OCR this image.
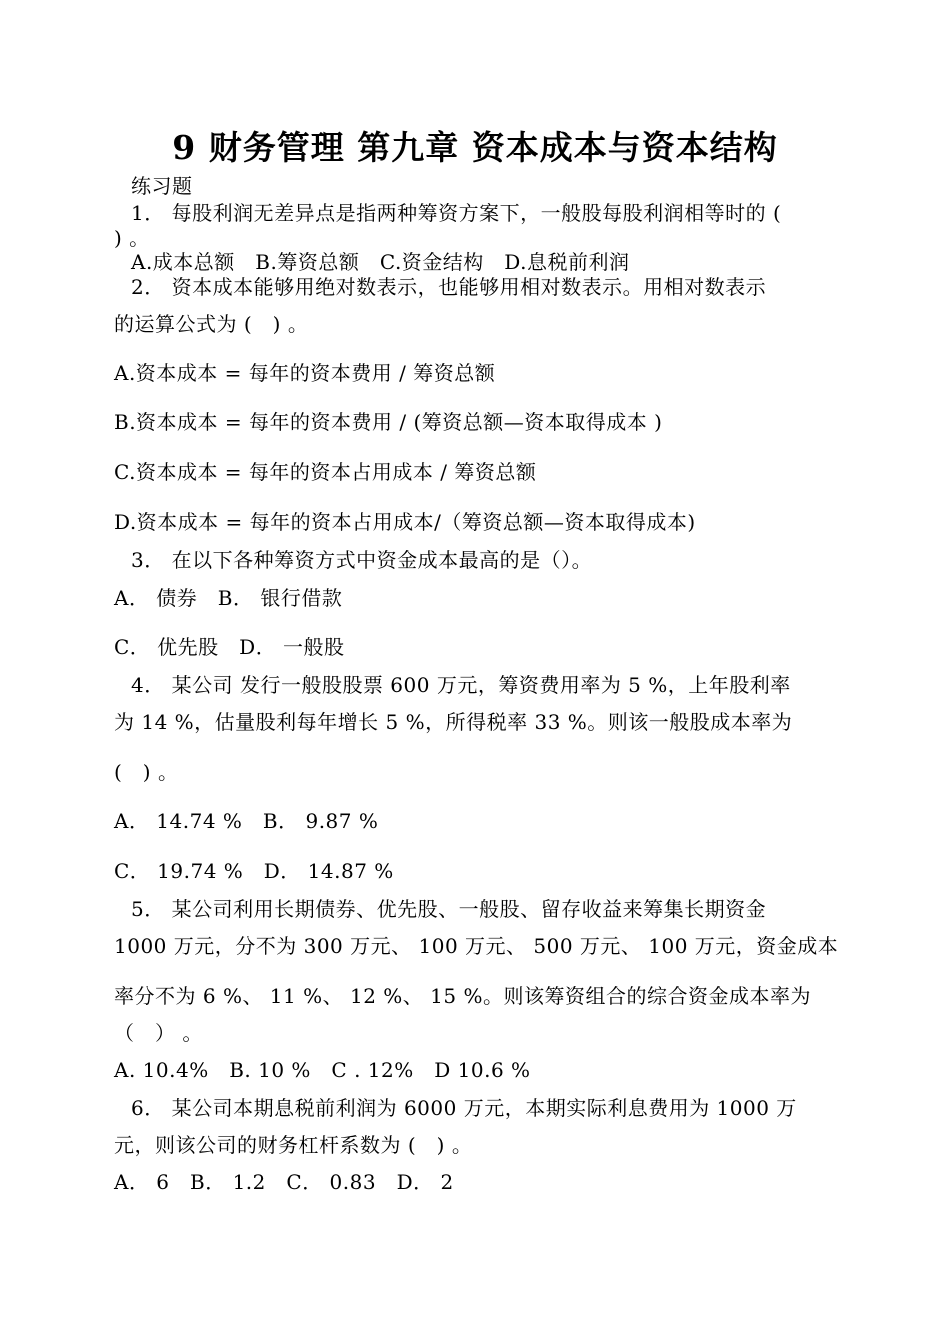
9 财务管理 第九章 资本成本与资本结构
练习题
1． 每股利润无差异点是指两种筹资方案下，一般股每股利润相等时的 (
) 。
A.成本总额　B.筹资总额　C.资金结构　D.息税前利润
2． 资本成本能够用绝对数表示，也能够用相对数表示。用相对数表示
的运算公式为 (　) 。
A.资本成本 = 每年的资本费用 / 筹资总额
B.资本成本 = 每年的资本费用 / (筹资总额—资本取得成本 )
C.资本成本 = 每年的资本占用成本 / 筹资总额
D.资本成本 = 每年的资本占用成本/（筹资总额—资本取得成本)
3． 在以下各种筹资方式中资金成本最高的是（）。
A． 债券　B． 银行借款
C． 优先股　D． 一般股
4． 某公司 发行一般股股票 600 万元，筹资费用率为 5 %，上年股利率
为 14 %，估量股利每年增长 5 %，所得税率 33 %。则该一般股成本率为
(　) 。
A． 14.74 %　B． 9.87 %
C． 19.74 %　D． 14.87 %
5． 某公司利用长期债券、优先股、一般股、留存收益来筹集长期资金
1000 万元，分不为 300 万元、 100 万元、 500 万元、 100 万元，资金成本
率分不为 6 %、 11 %、 12 %、 15 %。则该筹资组合的综合资金成本率为
（　） 。
A. 10.4%　B. 10 %　C . 12%　D 10.6 %
6． 某公司本期息税前利润为 6000 万元，本期实际利息费用为 1000 万
元，则该公司的财务杠杆系数为 (　) 。
A． 6　B． 1.2　C． 0.83　D． 2
